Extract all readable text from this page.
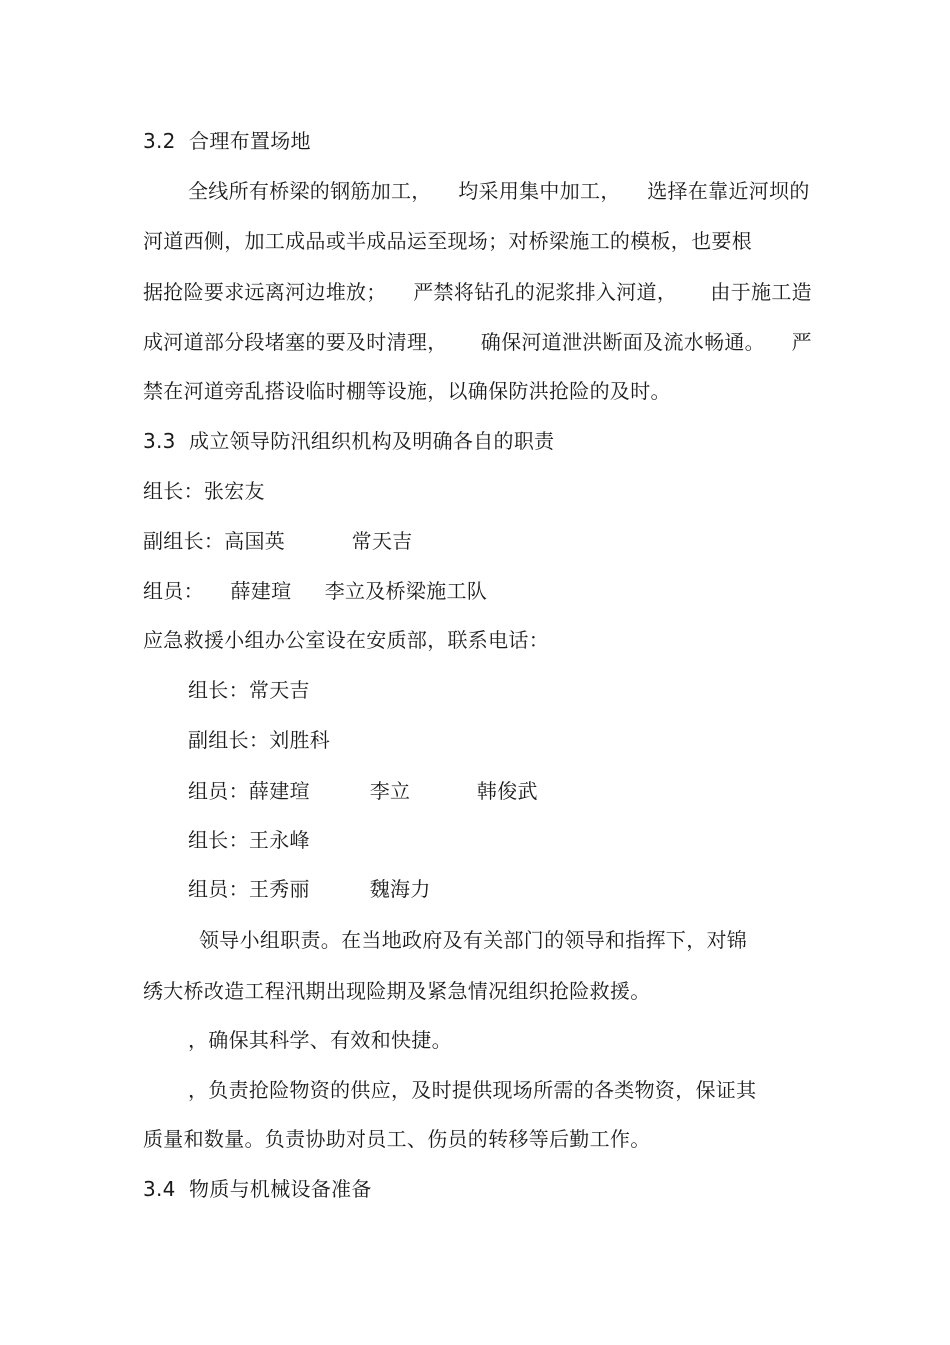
3.2  合理布置场地
全线所有桥梁的钢筋加工，    均采用集中加工，    选择在靠近河坝的
河道西侧，加工成品或半成品运至现场；对桥梁施工的模板，也要根
据抢险要求远离河边堆放；    严禁将钻孔的泥浆排入河道，     由于施工造
成河道部分段堵塞的要及时清理，     确保河道泄洪断面及流水畅通。    严
禁在河道旁乱搭设临时棚等设施，以确保防洪抢险的及时。
3.3  成立领导防汛组织机构及明确各自的职责
组长：张宏友
副组长：高国英          常天吉
组员：    薛建瑄     李立及桥梁施工队
应急救援小组办公室设在安质部，联系电话：
组长：常天吉
副组长：刘胜科
组员：薛建瑄         李立          韩俊武
组长：王永峰
组员：王秀丽         魏海力
领导小组职责。在当地政府及有关部门的领导和指挥下，对锦
绣大桥改造工程汛期出现险期及紧急情况组织抢险救援。
，确保其科学、有效和快捷。
，负责抢险物资的供应，及时提供现场所需的各类物资，保证其
质量和数量。负责协助对员工、伤员的转移等后勤工作。
3.4  物质与机械设备准备
